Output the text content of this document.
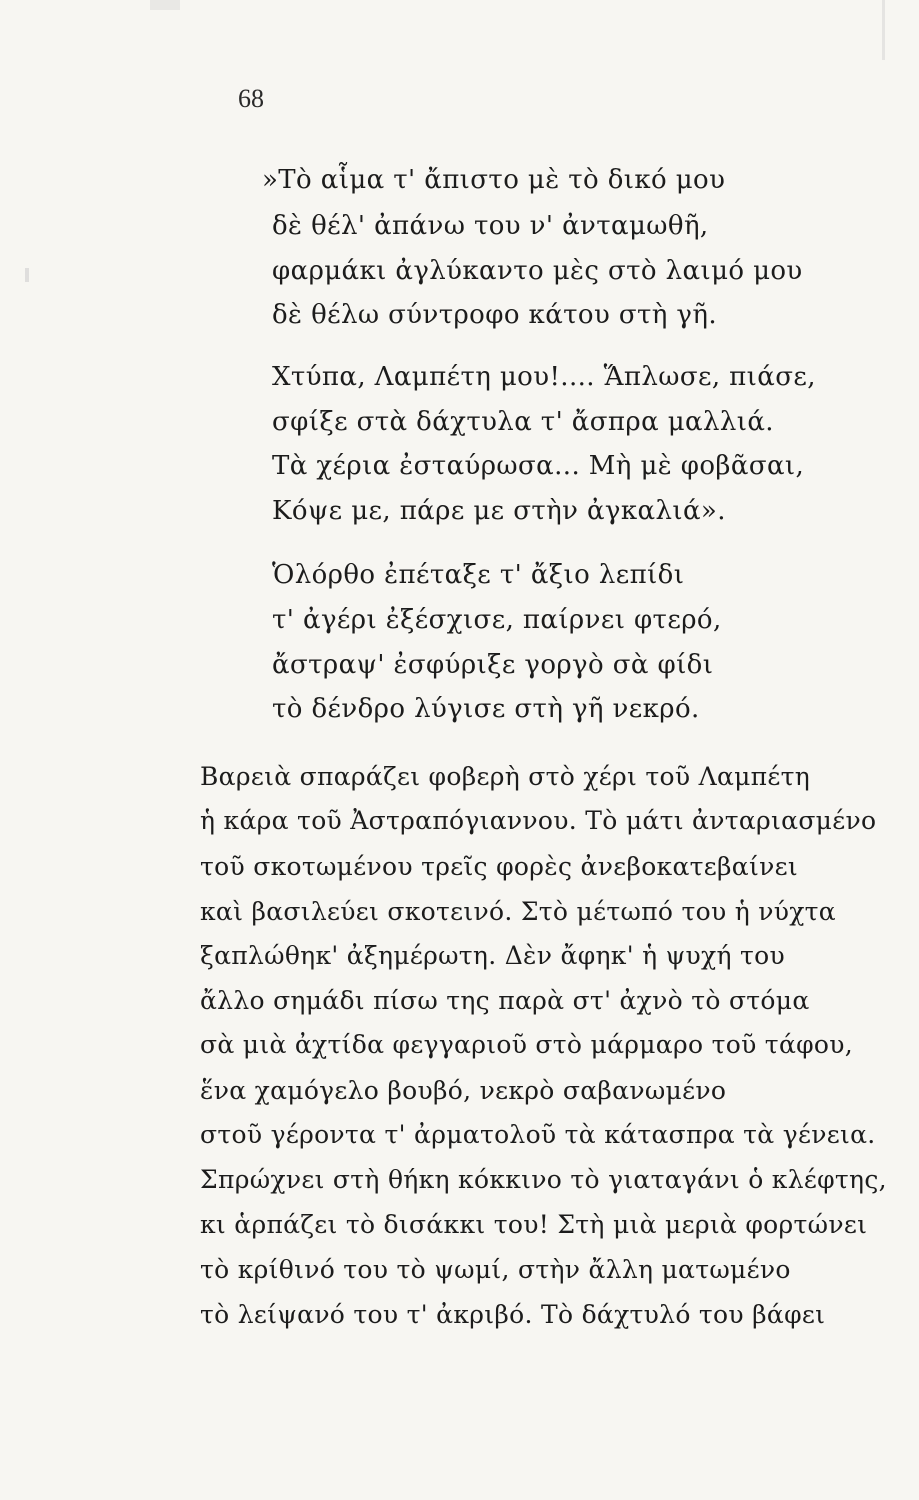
68
»Τὸ αἷμα τ' ἄπιστο μὲ τὸ δικό μου
δὲ θέλ' ἀπάνω του ν' ἀνταμωθῆ,
φαρμάκι ἀγλύκαντο μὲς στὸ λαιμό μου
δὲ θέλω σύντροφο κάτου στὴ γῆ.
Χτύπα, Λαμπέτη μου!.... Ἅπλωσε, πιάσε,
σφίξε στὰ δάχτυλα τ' ἄσπρα μαλλιά.
Τὰ χέρια ἐσταύρωσα... Μὴ μὲ φοβᾶσαι,
Κόψε με, πάρε με στὴν ἀγκαλιά».
Ὁλόρθο ἐπέταξε τ' ἄξιο λεπίδι
τ' ἀγέρι ἐξέσχισε, παίρνει φτερό,
ἄστραψ' ἐσφύριξε γοργὸ σὰ φίδι
τὸ δένδρο λύγισε στὴ γῆ νεκρό.
Βαρειὰ σπαράζει φοβερὴ στὸ χέρι τοῦ Λαμπέτη
ἡ κάρα τοῦ Ἀστραπόγιαννου. Τὸ μάτι ἀνταριασμένο
τοῦ σκοτωμένου τρεῖς φορὲς ἀνεβοκατεβαίνει
καὶ βασιλεύει σκοτεινό. Στὸ μέτωπό του ἡ νύχτα
ξαπλώθηκ' ἀξημέρωτη. Δὲν ἄφηκ' ἡ ψυχή του
ἄλλο σημάδι πίσω της παρὰ στ' ἀχνὸ τὸ στόμα
σὰ μιὰ ἀχτίδα φεγγαριοῦ στὸ μάρμαρο τοῦ τάφου,
ἕνα χαμόγελο βουβό, νεκρὸ σαβανωμένο
στοῦ γέροντα τ' ἀρματολοῦ τὰ κάτασπρα τὰ γένεια.
Σπρώχνει στὴ θήκη κόκκινο τὸ γιαταγάνι ὁ κλέφτης,
κι ἁρπάζει τὸ δισάκκι του! Στὴ μιὰ μεριὰ φορτώνει
τὸ κρίθινό του τὸ ψωμί, στὴν ἄλλη ματωμένο
τὸ λείψανό του τ' ἀκριβό. Τὸ δάχτυλό του βάφει
